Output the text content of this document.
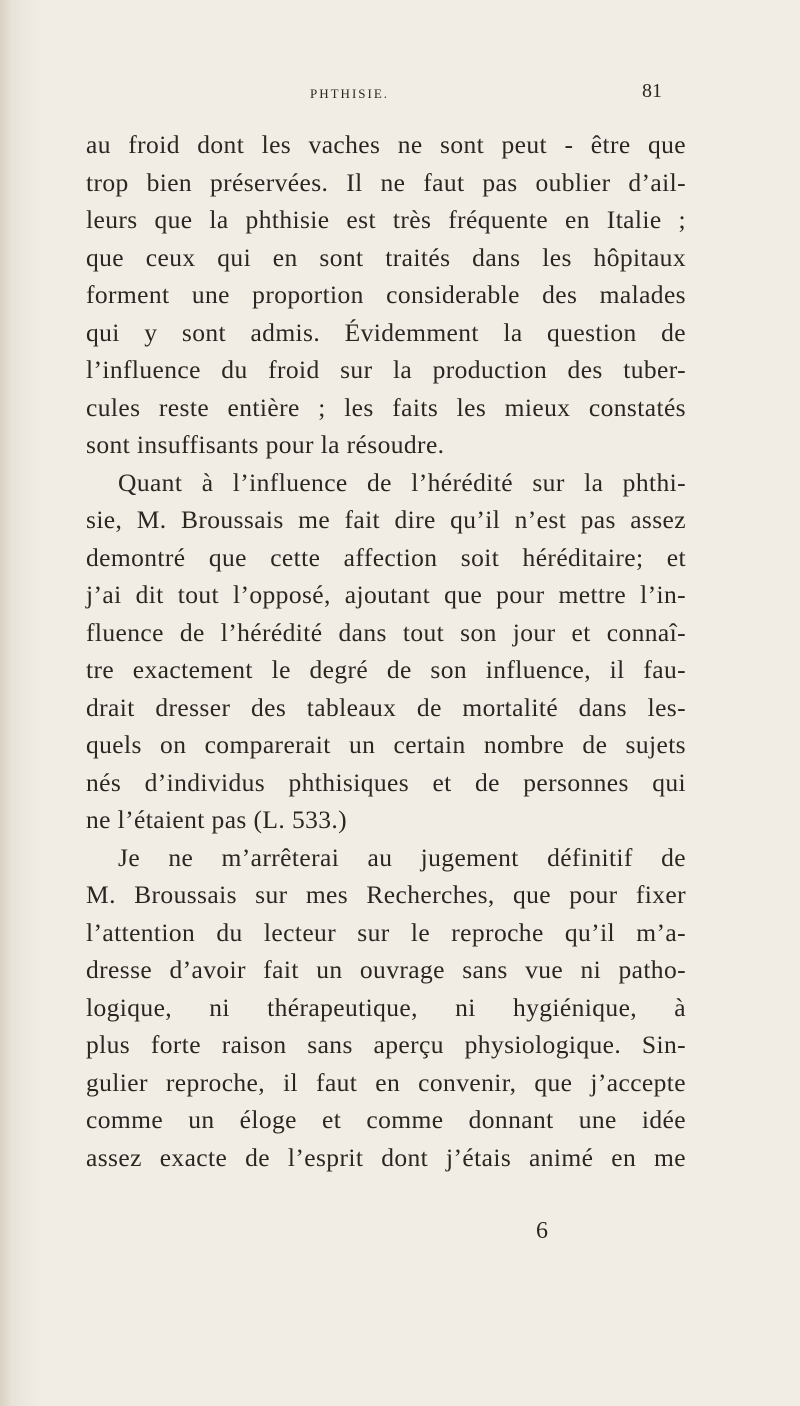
PHTHISIE.	81
au froid dont les vaches ne sont peut - être que
trop bien préservées. Il ne faut pas oublier d’ail-
leurs que la phthisie est très fréquente en Italie ;
que ceux qui en sont traités dans les hôpitaux
forment une proportion considerable des malades
qui y sont admis. Évidemment la question de
l’influence du froid sur la production des tuber-
cules reste entière ; les faits les mieux constatés
sont insuffisants pour la résoudre.
Quant à l’influence de l’hérédité sur la phthi-
sie, M. Broussais me fait dire qu’il n’est pas assez
demontré que cette affection soit héréditaire; et
j’ai dit tout l’opposé, ajoutant que pour mettre l’in-
fluence de l’hérédité dans tout son jour et connaî-
tre exactement le degré de son influence, il fau-
drait dresser des tableaux de mortalité dans les-
quels on comparerait un certain nombre de sujets
nés d’individus phthisiques et de personnes qui
ne l’étaient pas (L. 533.)
Je ne m’arrêterai au jugement définitif de
M. Broussais sur mes Recherches, que pour fixer
l’attention du lecteur sur le reproche qu’il m’a-
dresse d’avoir fait un ouvrage sans vue ni patho-
logique, ni thérapeutique, ni hygiénique, à
plus forte raison sans aperçu physiologique. Sin-
gulier reproche, il faut en convenir, que j’accepte
comme un éloge et comme donnant une idée
assez exacte de l’esprit dont j’étais animé en me
6
